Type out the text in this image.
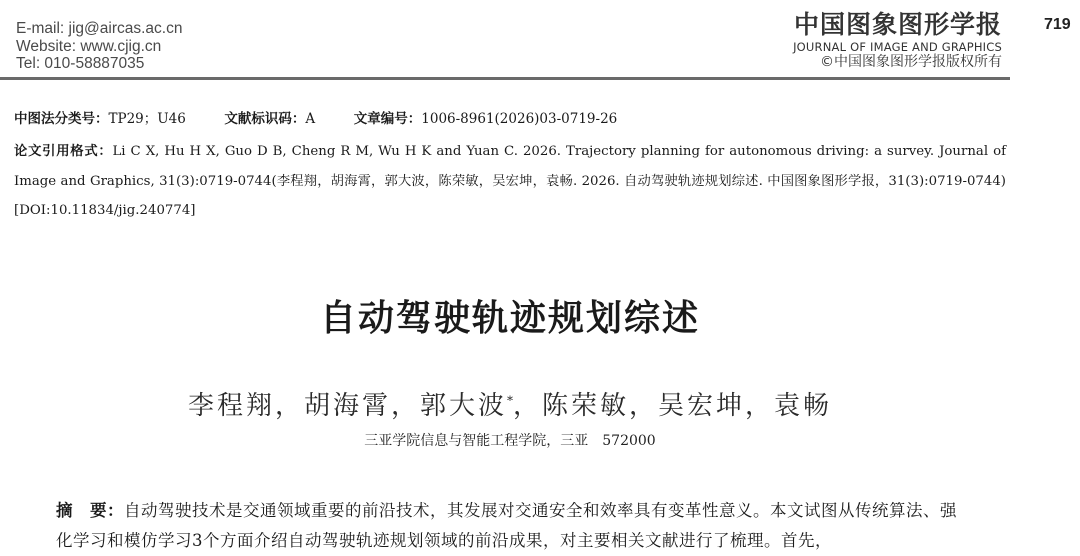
E-mail: jig@aircas.ac.cn
Website: www.cjig.cn
Tel: 010-58887035
中国图象图形学报
JOURNAL OF IMAGE AND GRAPHICS
©中国图象图形学报版权所有
719
中图法分类号：TP29；U46	文献标识码：A	文章编号：1006-8961(2026)03-0719-26
论文引用格式：Li C X, Hu H X, Guo D B, Cheng R M, Wu H K and Yuan C. 2026. Trajectory planning for autonomous driving: a survey. Journal of Image and Graphics, 31(3):0719-0744(李程翔，胡海霄，郭大波，陈荣敏，吴宏坤，袁畅. 2026. 自动驾驶轨迹规划综述. 中国图象图形学报，31(3):0719-0744)[DOI:10.11834/jig.240774]
自动驾驶轨迹规划综述
李程翔，胡海霄，郭大波*，陈荣敏，吴宏坤，袁畅
三亚学院信息与智能工程学院，三亚　572000
摘　要：自动驾驶技术是交通领域重要的前沿技术，其发展对交通安全和效率具有变革性意义。本文试图从传统算法、强化学习和模仿学习3个方面介绍自动驾驶轨迹规划领域的前沿成果，对主要相关文献进行了梳理。首先，
